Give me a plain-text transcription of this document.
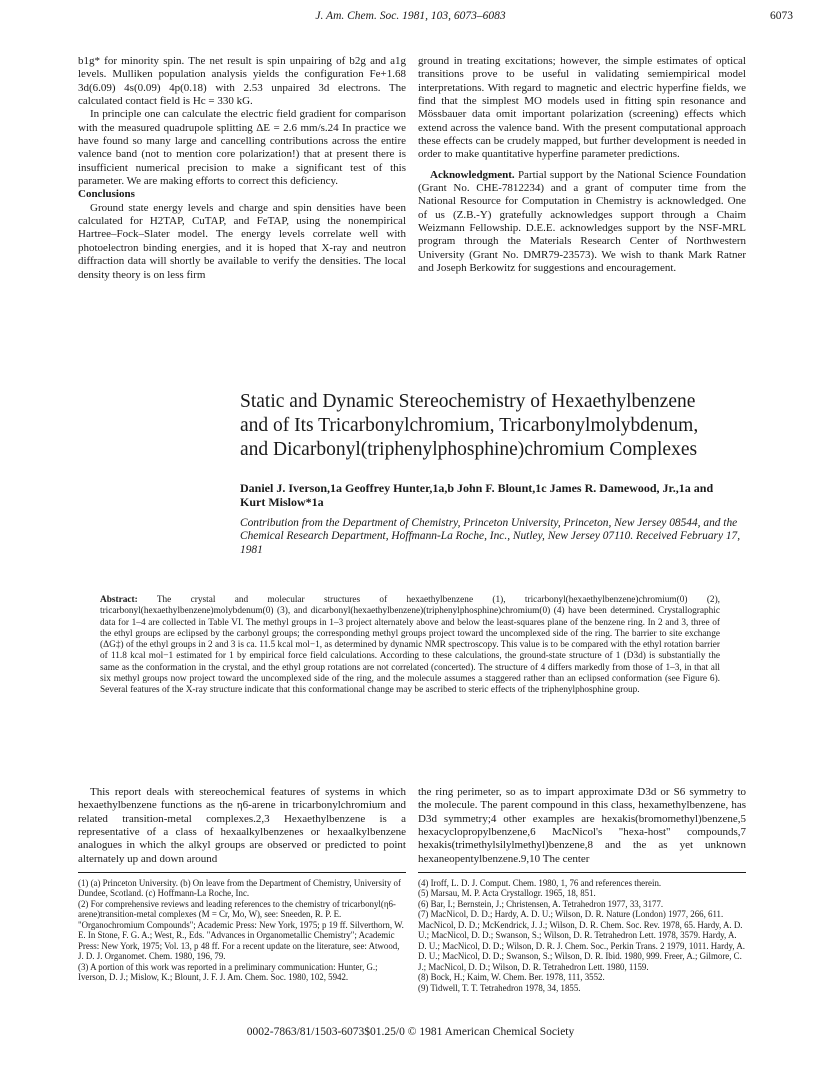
J. Am. Chem. Soc. 1981, 103, 6073–6083	6073

b1g* for minority spin. The net result is spin unpairing of b2g and a1g levels. Mulliken population analysis yields the configuration Fe+1.68 3d(6.09) 4s(0.09) 4p(0.18) with 2.53 unpaired 3d electrons. The calculated contact field is Hc = 330 kG.

In principle one can calculate the electric field gradient for comparison with the measured quadrupole splitting ΔE = 2.6 mm/s.24 In practice we have found so many large and cancelling contributions across the entire valence band (not to mention core polarization!) that at present there is insufficient numerical precision to make a significant test of this parameter. We are making efforts to correct this deficiency.

Conclusions

Ground state energy levels and charge and spin densities have been calculated for H2TAP, CuTAP, and FeTAP, using the nonempirical Hartree–Fock–Slater model. The energy levels correlate well with photoelectron binding energies, and it is hoped that X-ray and neutron diffraction data will shortly be available to verify the densities. The local density theory is on less firm

ground in treating excitations; however, the simple estimates of optical transitions prove to be useful in validating semiempirical model interpretations. With regard to magnetic and electric hyperfine fields, we find that the simplest MO models used in fitting spin resonance and Mössbauer data omit important polarization (screening) effects which extend across the valence band. With the present computational approach these effects can be crudely mapped, but further development is needed in order to make quantitative hyperfine parameter predictions.

Acknowledgment. Partial support by the National Science Foundation (Grant No. CHE-7812234) and a grant of computer time from the National Resource for Computation in Chemistry is acknowledged. One of us (Z.B.-Y) gratefully acknowledges support through a Chaim Weizmann Fellowship. D.E.E. acknowledges support by the NSF-MRL program through the Materials Research Center of Northwestern University (Grant No. DMR79-23573). We wish to thank Mark Ratner and Joseph Berkowitz for suggestions and encouragement.

Static and Dynamic Stereochemistry of Hexaethylbenzene
and of Its Tricarbonylchromium, Tricarbonylmolybdenum,
and Dicarbonyl(triphenylphosphine)chromium Complexes
Daniel J. Iverson,1a Geoffrey Hunter,1a,b John F. Blount,1c James R. Damewood, Jr.,1a and
Kurt Mislow*1a
Contribution from the Department of Chemistry, Princeton University, Princeton, New Jersey 08544, and the Chemical Research Department, Hoffmann-La Roche, Inc., Nutley, New Jersey 07110. Received February 17, 1981
Abstract: The crystal and molecular structures of hexaethylbenzene (1), tricarbonyl(hexaethylbenzene)chromium(0) (2), tricarbonyl(hexaethylbenzene)molybdenum(0) (3), and dicarbonyl(hexaethylbenzene)(triphenylphosphine)chromium(0) (4) have been determined. Crystallographic data for 1–4 are collected in Table VI. The methyl groups in 1–3 project alternately above and below the least-squares plane of the benzene ring. In 2 and 3, three of the ethyl groups are eclipsed by the carbonyl groups; the corresponding methyl groups project toward the uncomplexed side of the ring. The barrier to site exchange (ΔG‡) of the ethyl groups in 2 and 3 is ca. 11.5 kcal mol−1, as determined by dynamic NMR spectroscopy. This value is to be compared with the ethyl rotation barrier of 11.8 kcal mol−1 estimated for 1 by empirical force field calculations. According to these calculations, the ground-state structure of 1 (D3d) is substantially the same as the conformation in the crystal, and the ethyl group rotations are not correlated (concerted). The structure of 4 differs markedly from those of 1–3, in that all six methyl groups now project toward the uncomplexed side of the ring, and the molecule assumes a staggered rather than an eclipsed conformation (see Figure 6). Several features of the X-ray structure indicate that this conformational change may be ascribed to steric effects of the triphenylphosphine group.

This report deals with stereochemical features of systems in which hexaethylbenzene functions as the η6-arene in tricarbonylchromium and related transition-metal complexes.2,3 Hexaethylbenzene is a representative of a class of hexaalkylbenzenes or hexaalkylbenzene analogues in which the alkyl groups are observed or predicted to point alternately up and down around

the ring perimeter, so as to impart approximate D3d or S6 symmetry to the molecule. The parent compound in this class, hexamethylbenzene, has D3d symmetry;4 other examples are hexakis(bromomethyl)benzene,5 hexacyclopropylbenzene,6 MacNicol's "hexa-host" compounds,7 hexakis(trimethylsilylmethyl)benzene,8 and the as yet unknown hexaneopentylbenzene.9,10 The center

(1) (a) Princeton University. (b) On leave from the Department of Chemistry, University of Dundee, Scotland. (c) Hoffmann-La Roche, Inc.

(2) For comprehensive reviews and leading references to the chemistry of tricarbonyl(η6-arene)transition-metal complexes (M = Cr, Mo, W), see: Sneeden, R. P. E. "Organochromium Compounds"; Academic Press: New York, 1975; p 19 ff. Silverthorn, W. E. In Stone, F. G. A.; West, R., Eds. "Advances in Organometallic Chemistry"; Academic Press: New York, 1975; Vol. 13, p 48 ff. For a recent update on the literature, see: Atwood, J. D. J. Organomet. Chem. 1980, 196, 79.

(3) A portion of this work was reported in a preliminary communication: Hunter, G.; Iverson, D. J.; Mislow, K.; Blount, J. F. J. Am. Chem. Soc. 1980, 102, 5942.

(4) Iroff, L. D. J. Comput. Chem. 1980, 1, 76 and references therein.

(5) Marsau, M. P. Acta Crystallogr. 1965, 18, 851.

(6) Bar, I.; Bernstein, J.; Christensen, A. Tetrahedron 1977, 33, 3177.

(7) MacNicol, D. D.; Hardy, A. D. U.; Wilson, D. R. Nature (London) 1977, 266, 611. MacNicol, D. D.; McKendrick, J. J.; Wilson, D. R. Chem. Soc. Rev. 1978, 65. Hardy, A. D. U.; MacNicol, D. D.; Swanson, S.; Wilson, D. R. Tetrahedron Lett. 1978, 3579. Hardy, A. D. U.; MacNicol, D. D.; Wilson, D. R. J. Chem. Soc., Perkin Trans. 2 1979, 1011. Hardy, A. D. U.; MacNicol, D. D.; Swanson, S.; Wilson, D. R. Ibid. 1980, 999. Freer, A.; Gilmore, C. J.; MacNicol, D. D.; Wilson, D. R. Tetrahedron Lett. 1980, 1159.

(8) Bock, H.; Kaim, W. Chem. Ber. 1978, 111, 3552.

(9) Tidwell, T. T. Tetrahedron 1978, 34, 1855.

0002-7863/81/1503-6073$01.25/0 © 1981 American Chemical Society
